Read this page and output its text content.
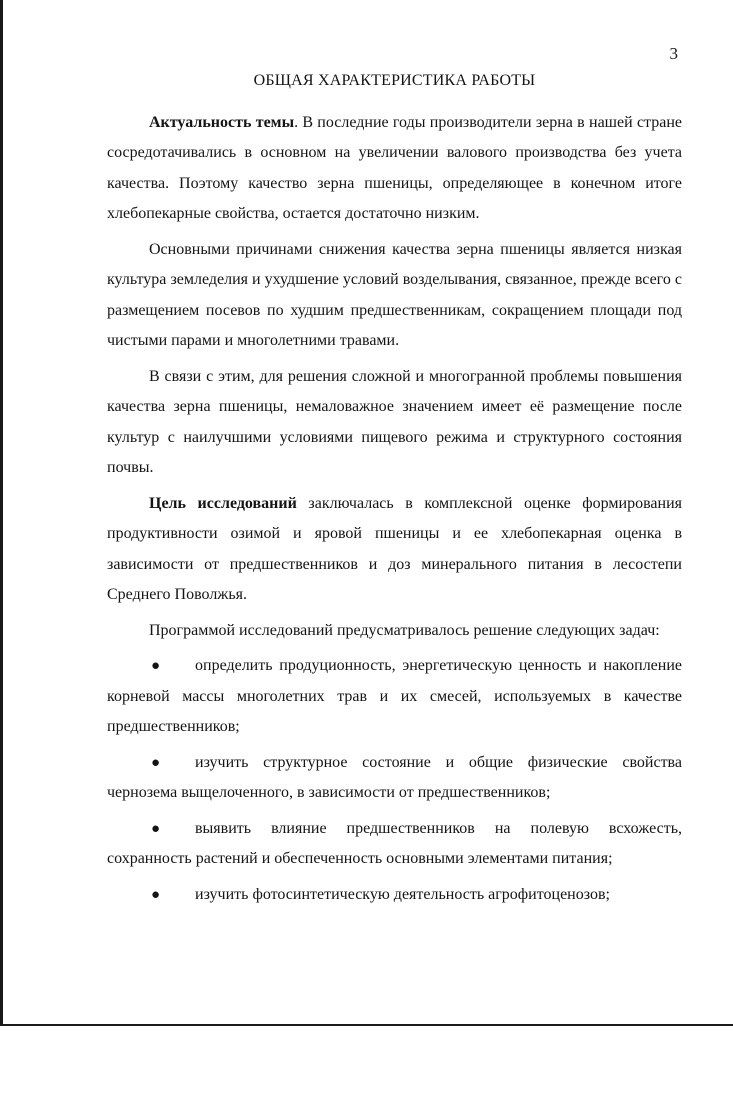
3
ОБЩАЯ ХАРАКТЕРИСТИКА РАБОТЫ

Актуальность темы. В последние годы производители зерна в нашей стране сосредотачивались в основном на увеличении валового производства без учета качества. Поэтому качество зерна пшеницы, определяющее в конечном итоге хлебопекарные свойства, остается достаточно низким.

Основными причинами снижения качества зерна пшеницы является низкая культура земледелия и ухудшение условий возделывания, связанное, прежде всего с размещением посевов по худшим предшественникам, сокращением площади под чистыми парами и многолетними травами.

В связи с этим, для решения сложной и многогранной проблемы повышения качества зерна пшеницы, немаловажное значением имеет её размещение после культур с наилучшими условиями пищевого режима и структурного состояния почвы.

Цель исследований заключалась в комплексной оценке формирования продуктивности озимой и яровой пшеницы и ее хлебопекарная оценка в зависимости от предшественников и доз минерального питания в лесостепи Среднего Поволжья.

Программой исследований предусматривалось решение следующих задач:

● определить продуционность, энергетическую ценность и накопление корневой массы многолетних трав и их смесей, используемых в качестве предшественников;
● изучить структурное состояние и общие физические свойства чернозема выщелоченного, в зависимости от предшественников;
● выявить влияние предшественников на полевую всхожесть, сохранность растений и обеспеченность основными элементами питания;
● изучить фотосинтетическую деятельность агрофитоценозов;
